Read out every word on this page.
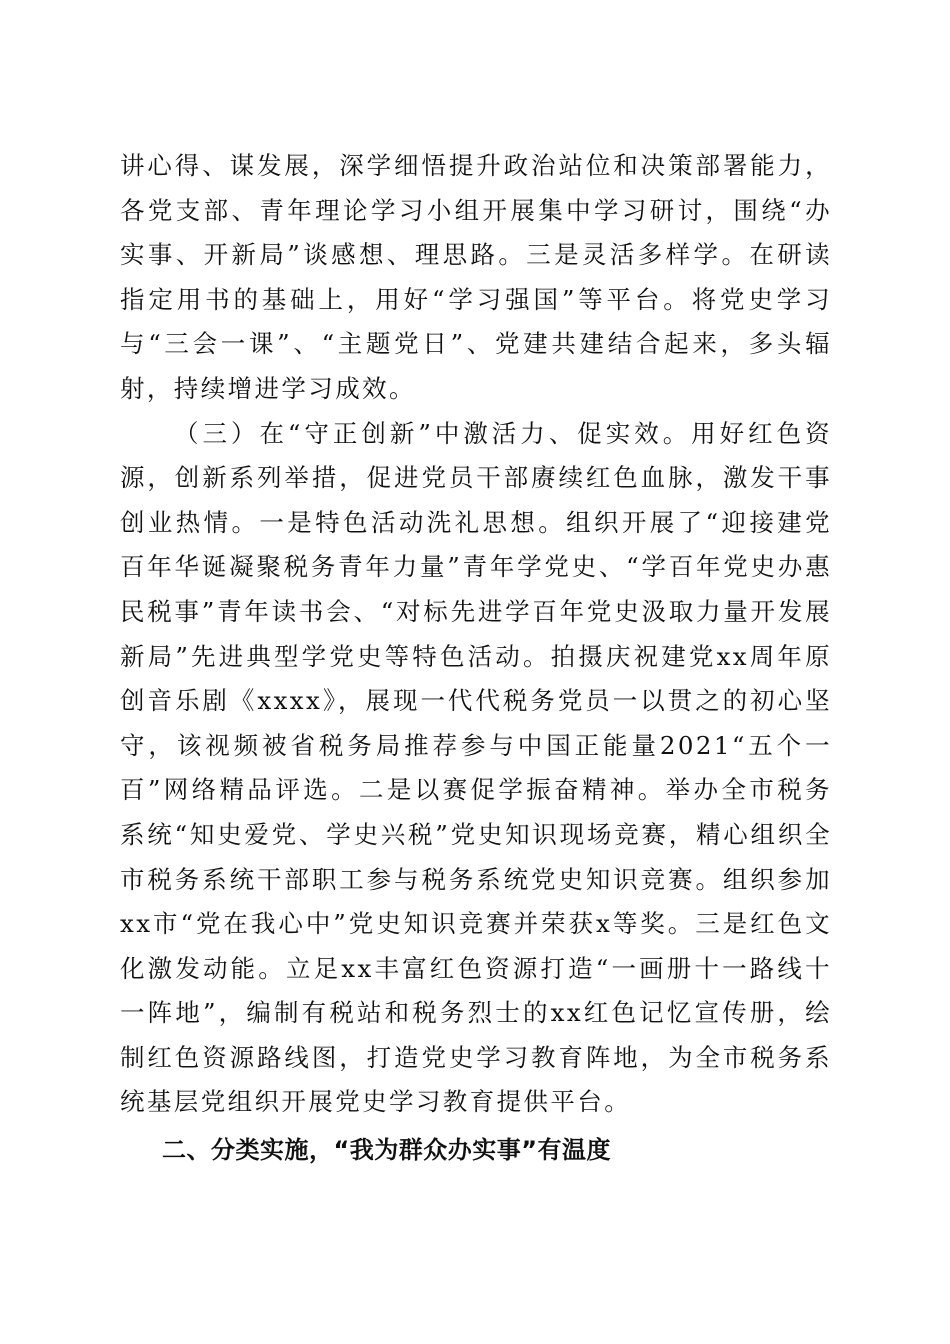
讲心得、谋发展，深学细悟提升政治站位和决策部署能力，各党支部、青年理论学习小组开展集中学习研讨，围绕“办实事、开新局”谈感想、理思路。三是灵活多样学。在研读指定用书的基础上，用好“学习强国”等平台。将党史学习与“三会一课”、“主题党日”、党建共建结合起来，多头辐射，持续增进学习成效。

（三）在“守正创新”中激活力、促实效。用好红色资源，创新系列举措，促进党员干部赓续红色血脉，激发干事创业热情。一是特色活动洗礼思想。组织开展了“迎接建党百年华诞凝聚税务青年力量”青年学党史、“学百年党史办惠民税事”青年读书会、“对标先进学百年党史汲取力量开发展新局”先进典型学党史等特色活动。拍摄庆祝建党xx周年原创音乐剧《xxxx》，展现一代代税务党员一以贯之的初心坚守，该视频被省税务局推荐参与中国正能量2021“五个一百”网络精品评选。二是以赛促学振奋精神。举办全市税务系统“知史爱党、学史兴税”党史知识现场竞赛，精心组织全市税务系统干部职工参与税务系统党史知识竞赛。组织参加xx市“党在我心中”党史知识竞赛并荣获x等奖。三是红色文化激发动能。立足xx丰富红色资源打造“一画册十一路线十一阵地”，编制有税站和税务烈士的xx红色记忆宣传册，绘制红色资源路线图，打造党史学习教育阵地，为全市税务系统基层党组织开展党史学习教育提供平台。

二、分类实施，“我为群众办实事”有温度
